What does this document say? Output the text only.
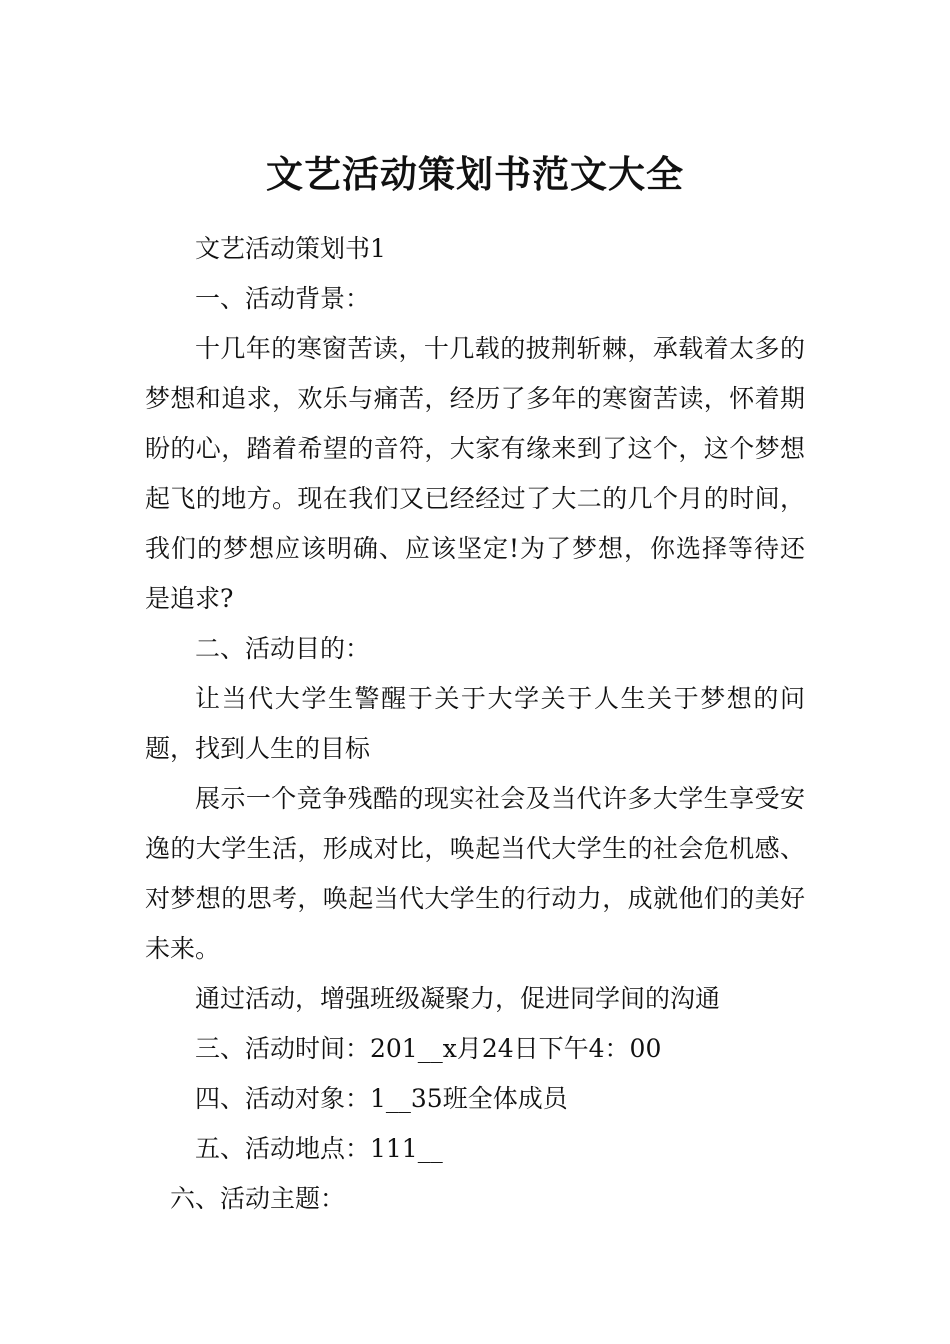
文艺活动策划书范文大全

文艺活动策划书1

一、活动背景：

十几年的寒窗苦读，十几载的披荆斩棘，承载着太多的梦想和追求，欢乐与痛苦，经历了多年的寒窗苦读，怀着期盼的心，踏着希望的音符，大家有缘来到了这个，这个梦想起飞的地方。现在我们又已经经过了大二的几个月的时间，我们的梦想应该明确、应该坚定!为了梦想，你选择等待还是追求?

二、活动目的：

让当代大学生警醒于关于大学关于人生关于梦想的问题，找到人生的目标

展示一个竞争残酷的现实社会及当代许多大学生享受安逸的大学生活，形成对比，唤起当代大学生的社会危机感、对梦想的思考，唤起当代大学生的行动力，成就他们的美好未来。

通过活动，增强班级凝聚力，促进同学间的沟通

三、活动时间：201__x月24日下午4：00

四、活动对象：1__35班全体成员

五、活动地点：111__

六、活动主题：
